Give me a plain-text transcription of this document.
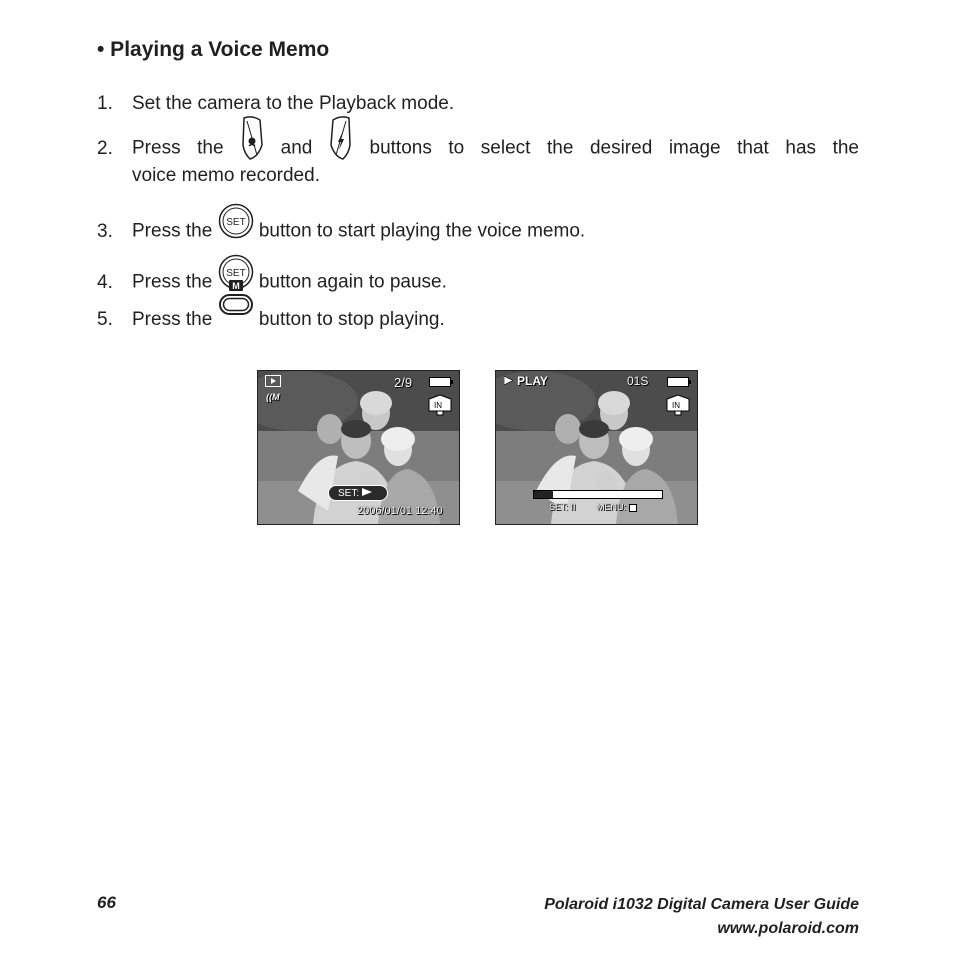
• Playing a Voice Memo
1. Set the camera to the Playback mode.
2. Press the	and	buttons to select the desired image that has the
voice memo recorded.
3. Press the SET button to start playing the voice memo.
4. Press the SET button again to pause.
5. Press the
M
button to stop playing.
((M
2/9
IN
SET:
2006/01/01 12:40
PLAY	01S
IN
SET: II MENU:
66	Polaroid i1032 Digital Camera User Guide
www.polaroid.com
